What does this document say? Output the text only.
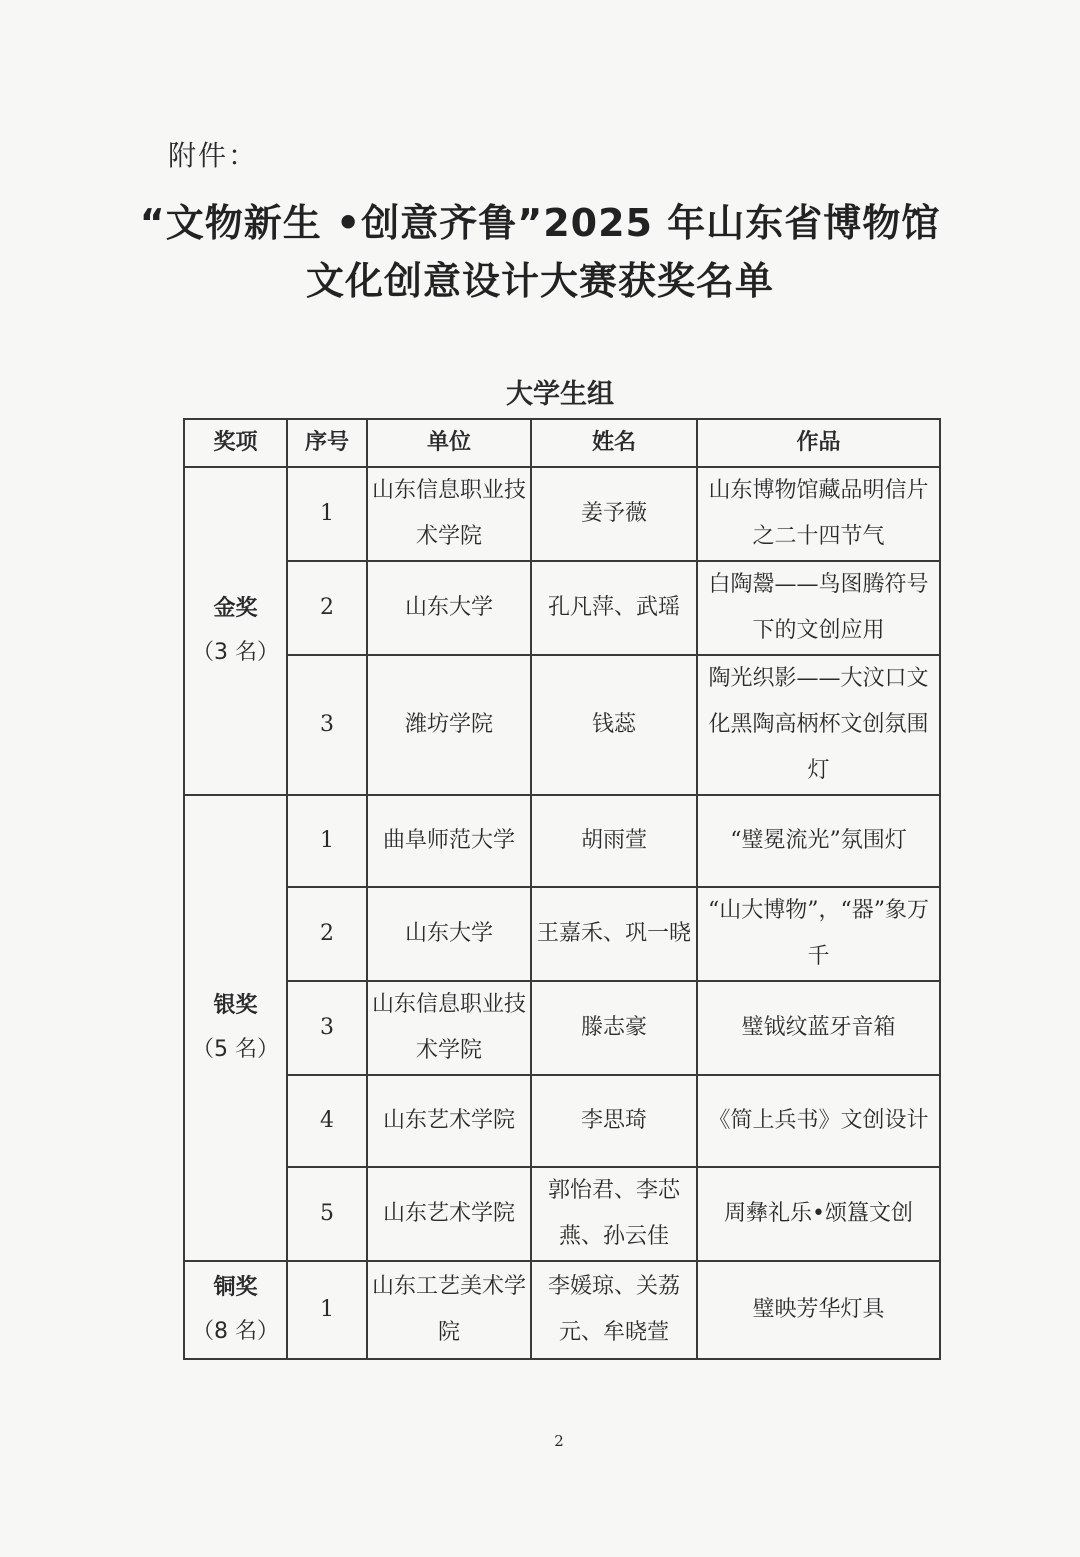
附件：
“文物新生 •创意齐鲁”2025 年山东省博物馆
文化创意设计大赛获奖名单
大学生组
奖项	序号	单位	姓名	作品

金奖
（3 名）	1	山东信息职业技术学院	姜予薇	山东博物馆藏品明信片之二十四节气
	2	山东大学	孔凡萍、武瑶	白陶鬶——鸟图腾符号下的文创应用
	3	潍坊学院	钱蕊	陶光织影——大汶口文化黑陶高柄杯文创氛围灯

银奖
（5 名）	1	曲阜师范大学	胡雨萱	“璧冕流光”氛围灯
	2	山东大学	王嘉禾、巩一晓	“山大博物”，“器”象万千
	3	山东信息职业技术学院	滕志豪	璧钺纹蓝牙音箱
	4	山东艺术学院	李思琦	《简上兵书》文创设计
	5	山东艺术学院	郭怡君、李芯燕、孙云佳	周彝礼乐•颂簋文创

铜奖
（8 名）	1	山东工艺美术学院	李媛琼、关荔元、牟晓萱	璧映芳华灯具
2
